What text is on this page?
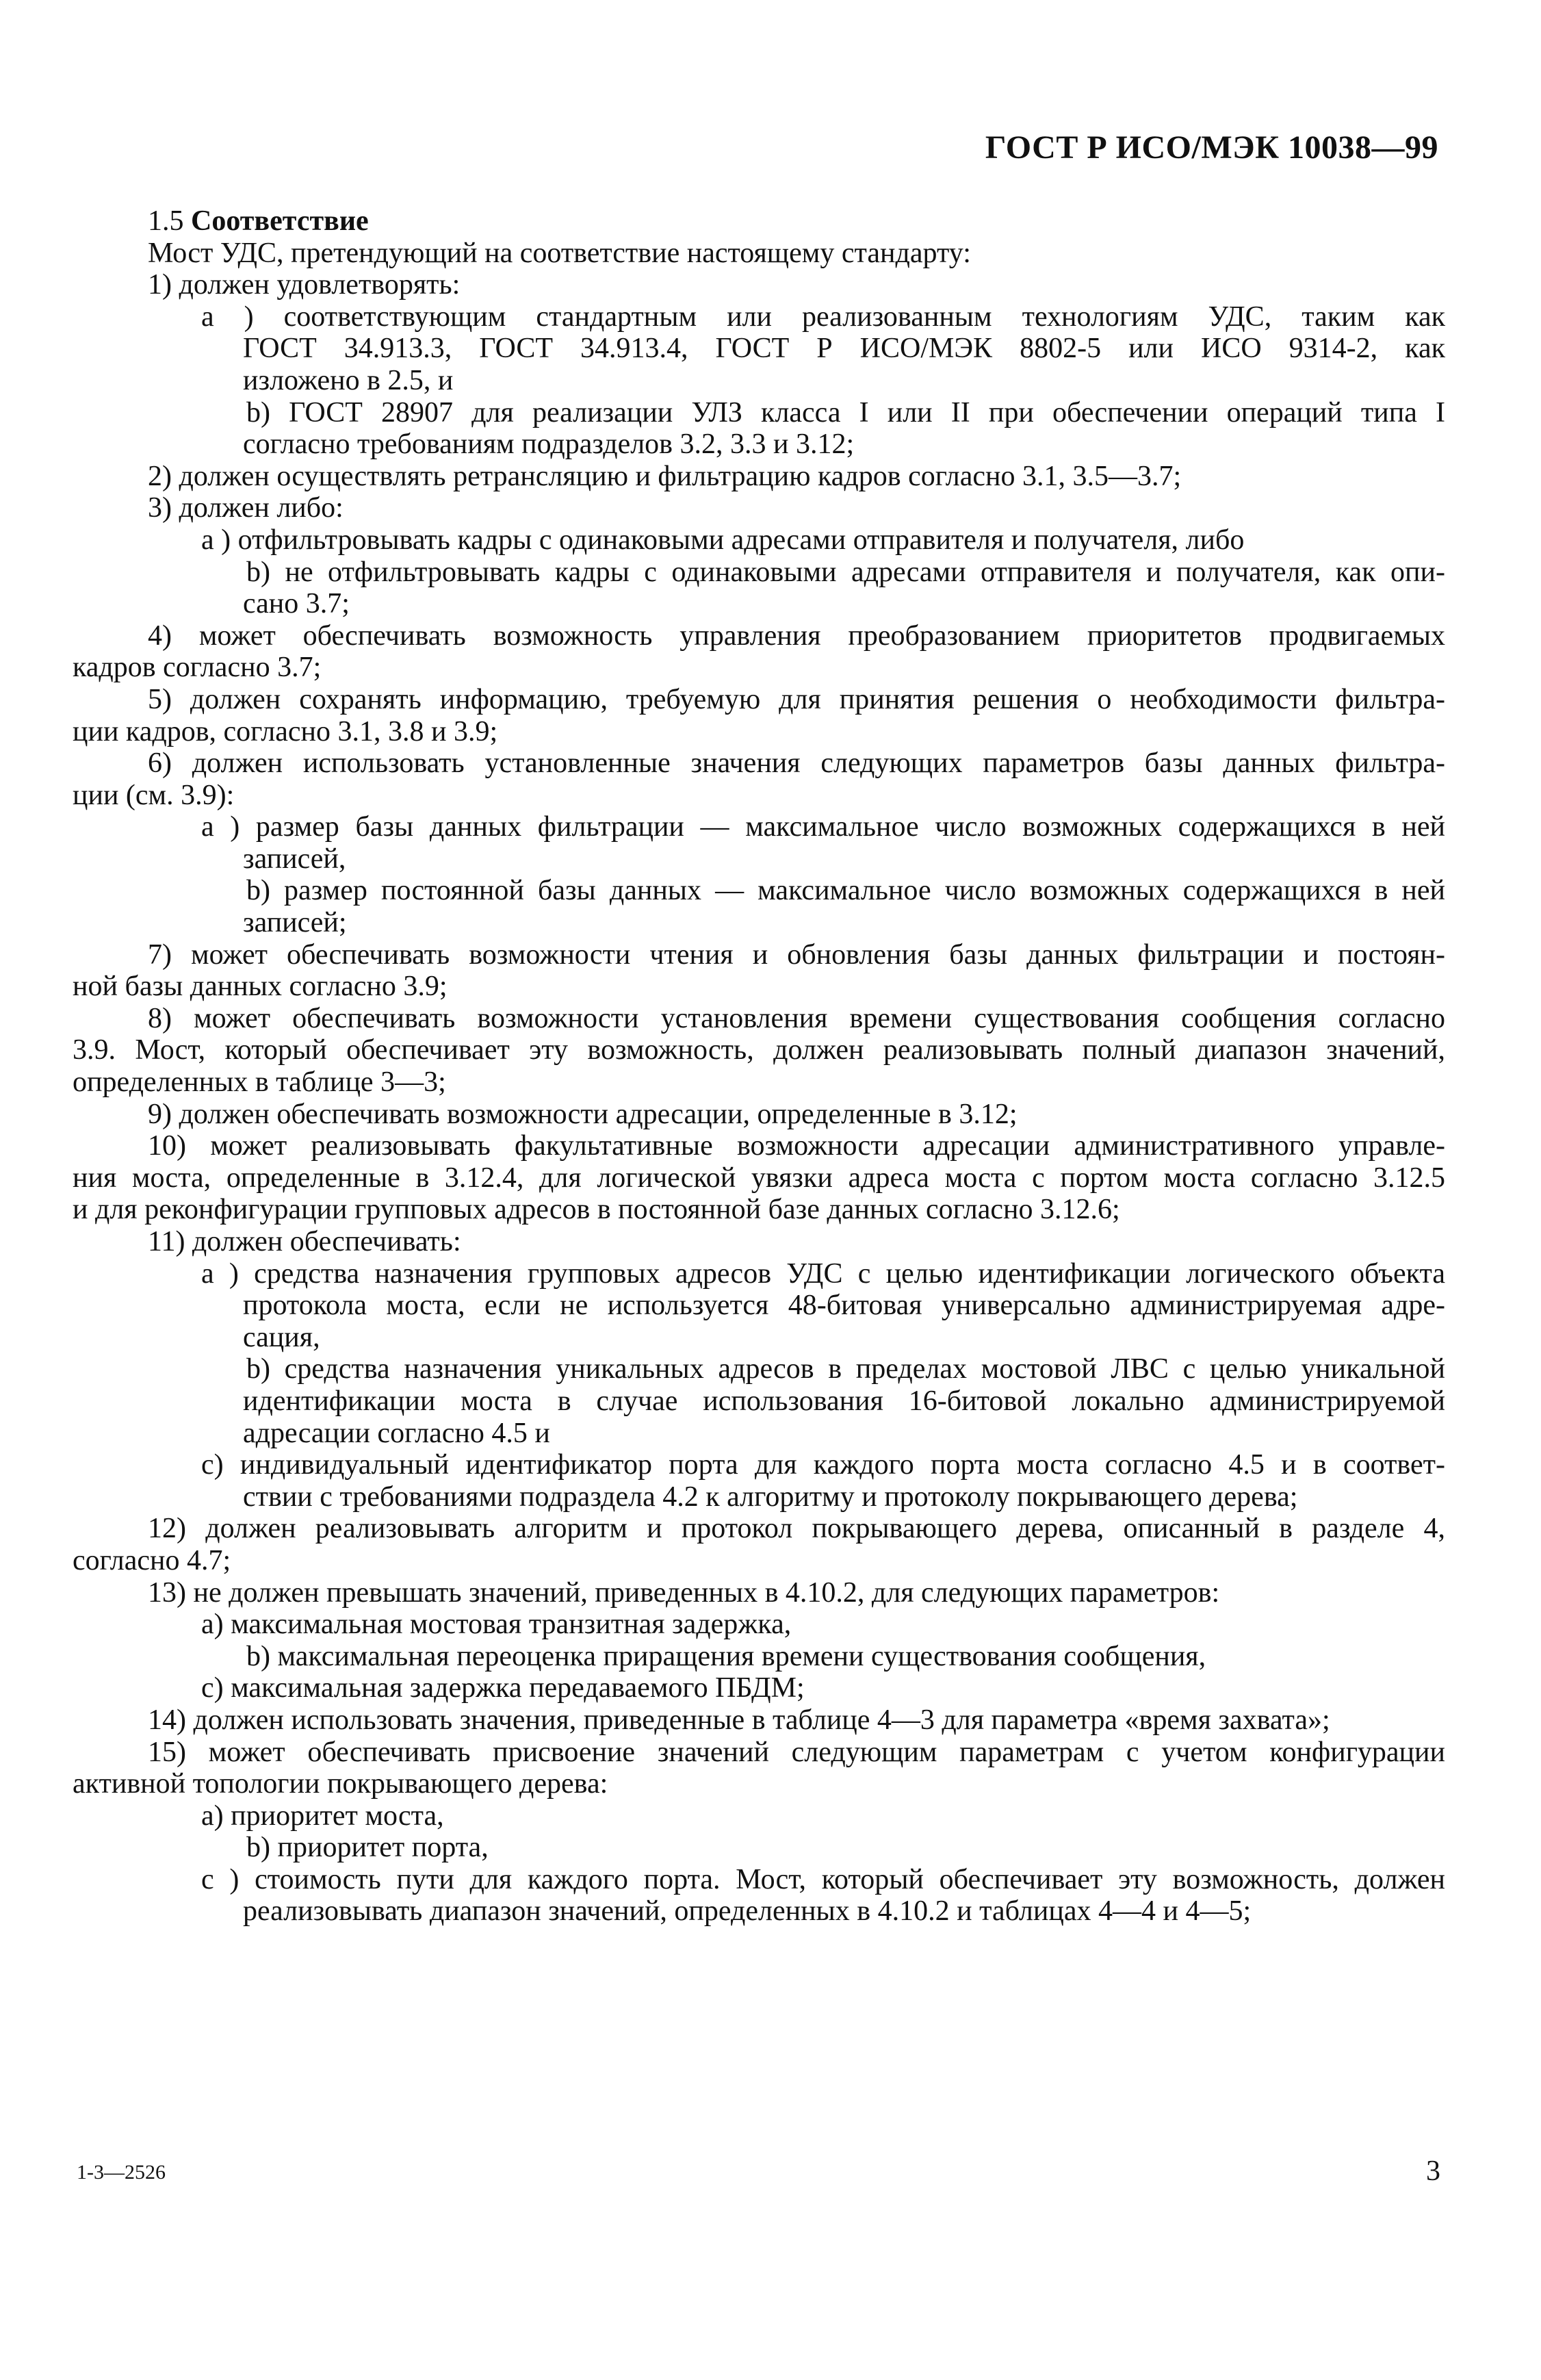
ГОСТ Р ИСО/МЭК 10038—99
1.5 Соответствие
Мост УДС, претендующий на соответствие настоящему стандарту:
1) должен удовлетворять:
а ) соответствующим стандартным или реализованным технологиям УДС, таким как
ГОСТ 34.913.3, ГОСТ 34.913.4, ГОСТ Р ИСО/МЭК 8802-5 или ИСО 9314-2, как
изложено в 2.5, и
b) ГОСТ 28907 для реализации УЛЗ класса I или II при обеспечении операций типа I
согласно требованиям подразделов 3.2, 3.3 и 3.12;
2) должен осуществлять ретрансляцию и фильтрацию кадров согласно 3.1, 3.5—3.7;
3) должен либо:
а ) отфильтровывать кадры с одинаковыми адресами отправителя и получателя, либо
b) не отфильтровывать кадры с одинаковыми адресами отправителя и получателя, как опи-
сано 3.7;
4) может обеспечивать возможность управления преобразованием приоритетов продвигаемых
кадров согласно 3.7;
5) должен сохранять информацию, требуемую для принятия решения о необходимости фильтра-
ции кадров, согласно 3.1, 3.8 и 3.9;
6) должен использовать установленные значения следующих параметров базы данных фильтра-
ции (см. 3.9):
а ) размер базы данных фильтрации — максимальное число возможных содержащихся в ней
записей,
b) размер постоянной базы данных — максимальное число возможных содержащихся в ней
записей;
7) может обеспечивать возможности чтения и обновления базы данных фильтрации и постоян-
ной базы данных согласно 3.9;
8) может обеспечивать возможности установления времени существования сообщения согласно
3.9. Мост, который обеспечивает эту возможность, должен реализовывать полный диапазон значений,
определенных в таблице 3—3;
9) должен обеспечивать возможности адресации, определенные в 3.12;
10) может реализовывать факультативные возможности адресации административного управле-
ния моста, определенные в 3.12.4, для логической увязки адреса моста с портом моста согласно 3.12.5
и для реконфигурации групповых адресов в постоянной базе данных согласно 3.12.6;
11) должен обеспечивать:
а ) средства назначения групповых адресов УДС с целью идентификации логического объекта
протокола моста, если не используется 48-битовая универсально администрируемая адре-
сация,
b) средства назначения уникальных адресов в пределах мостовой ЛВС с целью уникальной
идентификации моста в случае использования 16-битовой локально администрируемой
адресации согласно 4.5 и
с) индивидуальный идентификатор порта для каждого порта моста согласно 4.5 и в соответ-
ствии с требованиями подраздела 4.2 к алгоритму и протоколу покрывающего дерева;
12) должен реализовывать алгоритм и протокол покрывающего дерева, описанный в разделе 4,
согласно 4.7;
13) не должен превышать значений, приведенных в 4.10.2, для следующих параметров:
а) максимальная мостовая транзитная задержка,
b) максимальная переоценка приращения времени существования сообщения,
с) максимальная задержка передаваемого ПБДМ;
14) должен использовать значения, приведенные в таблице 4—3 для параметра «время захвата»;
15) может обеспечивать присвоение значений следующим параметрам с учетом конфигурации
активной топологии покрывающего дерева:
а) приоритет моста,
b) приоритет порта,
с ) стоимость пути для каждого порта. Мост, который обеспечивает эту возможность, должен
реализовывать диапазон значений, определенных в 4.10.2 и таблицах 4—4 и 4—5;
1-3—2526	3
